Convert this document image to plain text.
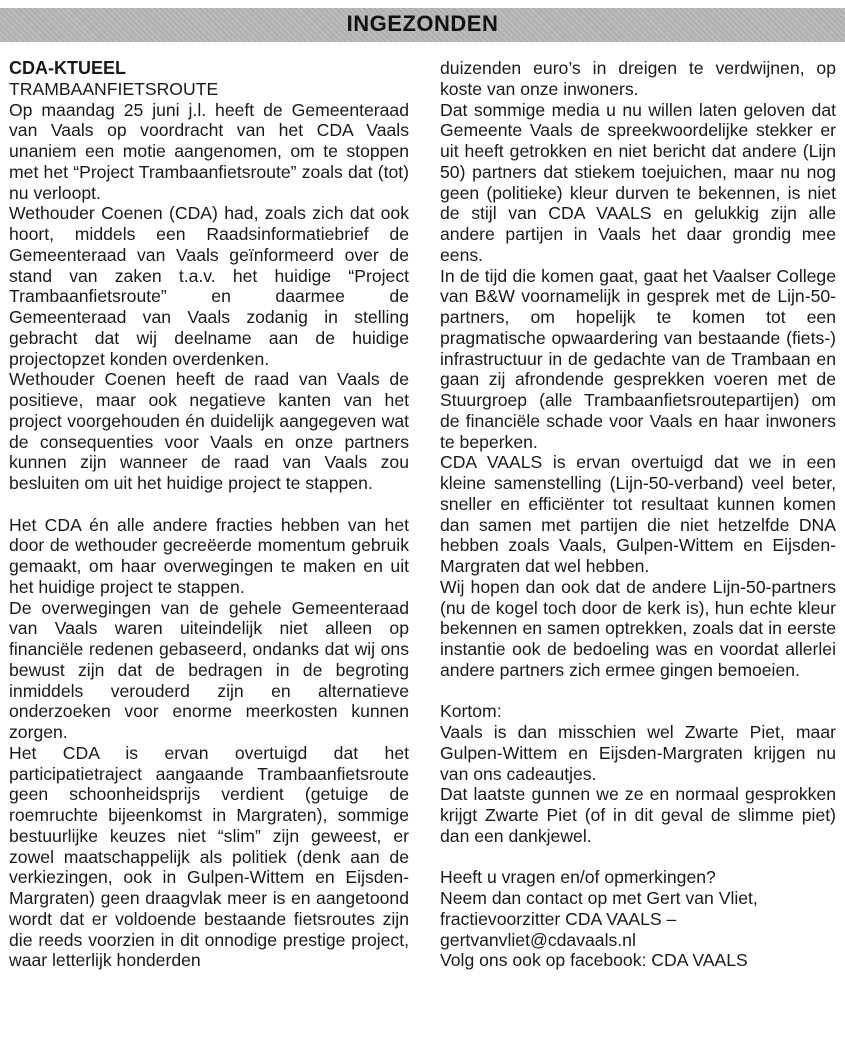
INGEZONDEN

CDA-KTUEEL

TRAMBAANFIETSROUTE

Op maandag 25 juni j.l. heeft de Gemeenteraad van Vaals op voordracht van het CDA Vaals unaniem een motie aangenomen, om te stoppen met het “Project Trambaanfietsroute” zoals dat (tot) nu verloopt.

Wethouder Coenen (CDA) had, zoals zich dat ook hoort, middels een Raadsinformatiebrief de Gemeenteraad van Vaals geïnformeerd over de stand van zaken t.a.v. het huidige “Project Trambaanfietsroute” en daarmee de Gemeenteraad van Vaals zodanig in stelling gebracht dat wij deelname aan de huidige projectopzet konden overdenken.

Wethouder Coenen heeft de raad van Vaals de positieve, maar ook negatieve kanten van het project voorgehouden én duidelijk aangegeven wat de consequenties voor Vaals en onze partners kunnen zijn wanneer de raad van Vaals zou besluiten om uit het huidige project te stappen.

Het CDA én alle andere fracties hebben van het door de wethouder gecreëerde momentum gebruik gemaakt, om haar overwegingen te maken en uit het huidige project te stappen.

De overwegingen van de gehele Gemeenteraad van Vaals waren uiteindelijk niet alleen op financiële redenen gebaseerd, ondanks dat wij ons bewust zijn dat de bedragen in de begroting inmiddels verouderd zijn en alternatieve onderzoeken voor enorme meerkosten kunnen zorgen.

Het CDA is ervan overtuigd dat het participatietraject aangaande Trambaanfietsroute geen schoonheidsprijs verdient (getuige de roemruchte bijeenkomst in Margraten), sommige bestuurlijke keuzes niet “slim” zijn geweest, er zowel maatschappelijk als politiek (denk aan de verkiezingen, ook in Gulpen-Wittem en Eijsden-Margraten) geen draagvlak meer is en aangetoond wordt dat er voldoende bestaande fietsroutes zijn die reeds voorzien in dit onnodige prestige project, waar letterlijk honderden

duizenden euro’s in dreigen te verdwijnen, op koste van onze inwoners.

Dat sommige media u nu willen laten geloven dat Gemeente Vaals de spreekwoordelijke stekker er uit heeft getrokken en niet bericht dat andere (Lijn 50) partners dat stiekem toejuichen, maar nu nog geen (politieke) kleur durven te bekennen, is niet de stijl van CDA VAALS en gelukkig zijn alle andere partijen in Vaals het daar grondig mee eens.

In de tijd die komen gaat, gaat het Vaalser College van B&W voornamelijk in gesprek met de Lijn-50-partners, om hopelijk te komen tot een pragmatische opwaardering van bestaande (fiets-) infrastructuur in de gedachte van de Trambaan en gaan zij afrondende gesprekken voeren met de Stuurgroep (alle Trambaanfietsroutepartijen) om de financiële schade voor Vaals en haar inwoners te beperken.

CDA VAALS is ervan overtuigd dat we in een kleine samenstelling (Lijn-50-verband) veel beter, sneller en efficiënter tot resultaat kunnen komen dan samen met partijen die niet hetzelfde DNA hebben zoals Vaals, Gulpen-Wittem en Eijsden-Margraten dat wel hebben.

Wij hopen dan ook dat de andere Lijn-50-partners (nu de kogel toch door de kerk is), hun echte kleur bekennen en samen optrekken, zoals dat in eerste instantie ook de bedoeling was en voordat allerlei andere partners zich ermee gingen bemoeien.

Kortom:

Vaals is dan misschien wel Zwarte Piet, maar Gulpen-Wittem en Eijsden-Margraten krijgen nu van ons cadeautjes.

Dat laatste gunnen we ze en normaal gesprokken krijgt Zwarte Piet (of in dit geval de slimme piet) dan een dankjewel.

Heeft u vragen en/of opmerkingen?

Neem dan contact op met Gert van Vliet,

fractievoorzitter CDA VAALS –

gertvanvliet@cdavaals.nl

Volg ons ook op facebook: CDA VAALS
